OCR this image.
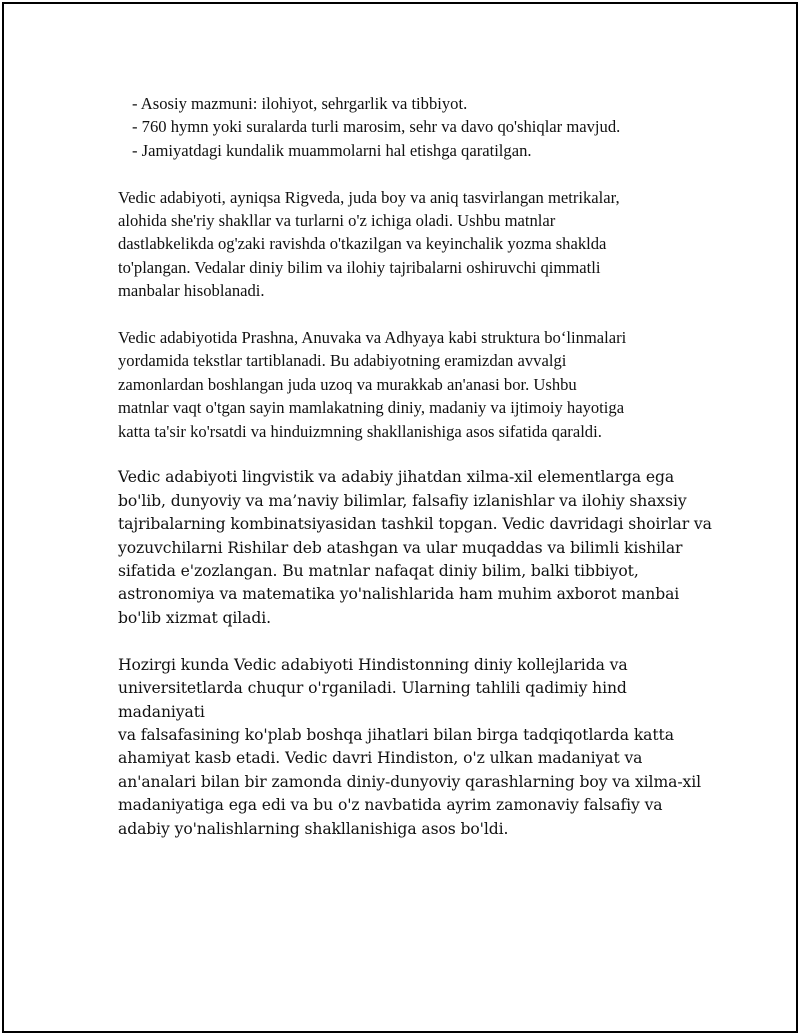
- Asosiy mazmuni: ilohiyot, sehrgarlik va tibbiyot.
- 760 hymn yoki suralarda turli marosim, sehr va davo qo'shiqlar mavjud.
- Jamiyatdagi kundalik muammolarni hal etishga qaratilgan.

Vedic adabiyoti, ayniqsa Rigveda, juda boy va aniq tasvirlangan metrikalar,
alohida she'riy shakllar va turlarni o'z ichiga oladi. Ushbu matnlar
dastlabkelikda og'zaki ravishda o'tkazilgan va keyinchalik yozma shaklda
to'plangan. Vedalar diniy bilim va ilohiy tajribalarni oshiruvchi qimmatli
manbalar hisoblanadi.

Vedic adabiyotida Prashna, Anuvaka va Adhyaya kabi struktura bo‘linmalari
yordamida tekstlar tartiblanadi. Bu adabiyotning eramizdan avvalgi
zamonlardan boshlangan juda uzoq va murakkab an'anasi bor. Ushbu
matnlar vaqt o'tgan sayin mamlakatning diniy, madaniy va ijtimoiy hayotiga
katta ta'sir ko'rsatdi va hinduizmning shakllanishiga asos sifatida qaraldi.

Vedic adabiyoti lingvistik va adabiy jihatdan xilma-xil elementlarga ega
bo'lib, dunyoviy va ma’naviy bilimlar, falsafiy izlanishlar va ilohiy shaxsiy
tajribalarning kombinatsiyasidan tashkil topgan. Vedic davridagi shoirlar va
yozuvchilarni Rishilar deb atashgan va ular muqaddas va bilimli kishilar
sifatida e'zozlangan. Bu matnlar nafaqat diniy bilim, balki tibbiyot,
astronomiya va matematika yo'nalishlarida ham muhim axborot manbai
bo'lib xizmat qiladi.

Hozirgi kunda Vedic adabiyoti Hindistonning diniy kollejlarida va
universitetlarda chuqur o'rganiladi. Ularning tahlili qadimiy hind madaniyati
va falsafasining ko'plab boshqa jihatlari bilan birga tadqiqotlarda katta
ahamiyat kasb etadi. Vedic davri Hindiston, o'z ulkan madaniyat va
an'analari bilan bir zamonda diniy-dunyoviy qarashlarning boy va xilma-xil
madaniyatiga ega edi va bu o'z navbatida ayrim zamonaviy falsafiy va
adabiy yo'nalishlarning shakllanishiga asos bo'ldi.
